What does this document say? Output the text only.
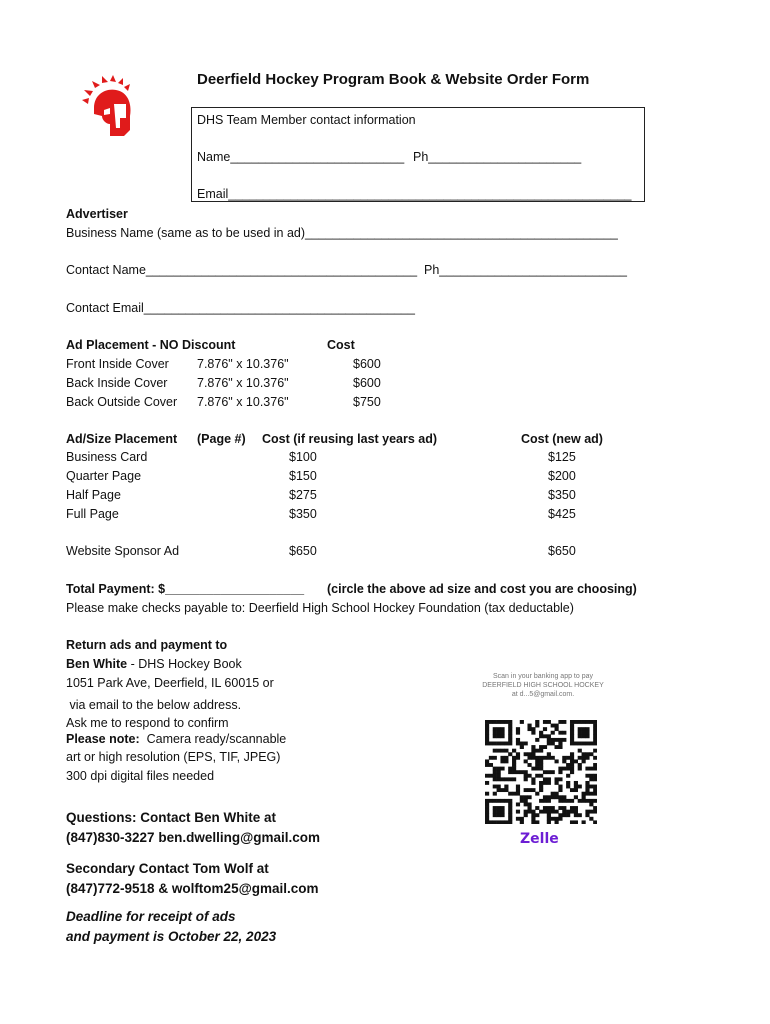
Deerfield Hockey Program Book & Website Order Form
DHS Team Member contact information
Name_________________________ Ph______________________
Email__________________________________________________________
Advertiser
Business Name (same as to be used in ad)_____________________________________________
Contact Name_______________________________________ Ph___________________________
Contact Email_______________________________________
Ad Placement - NO Discount	Cost
Front Inside Cover 7.876" x 10.376"	$600
Back Inside Cover 7.876" x 10.376"	$600
Back Outside Cover 7.876" x 10.376"	$750
Ad/Size Placement (Page #) Cost (if reusing last years ad)	Cost (new ad)
Business Card	$100	$125
Quarter Page	$150	$200
Half Page	$275	$350
Full Page	$350	$425
Website Sponsor Ad	$650	$650
Total Payment: $____________________ (circle the above ad size and cost you are choosing)
Please make checks payable to: Deerfield High School Hockey Foundation (tax deductable)
Return ads and payment to
Ben White - DHS Hockey Book
1051 Park Ave, Deerfield, IL 60015 or
via email to the below address.
Ask me to respond to confirm
Please note:  Camera ready/scannable
art or high resolution (EPS, TIF, JPEG)
300 dpi digital files needed
Questions: Contact Ben White at
(847)830-3227 ben.dwelling@gmail.com
Secondary Contact Tom Wolf at
(847)772-9518 & wolftom25@gmail.com
Deadline for receipt of ads
and payment is October 22, 2023
Scan in your banking app to pay
DEERFIELD HIGH SCHOOL HOCKEY
at d...5@gmail.com.
Zelle
